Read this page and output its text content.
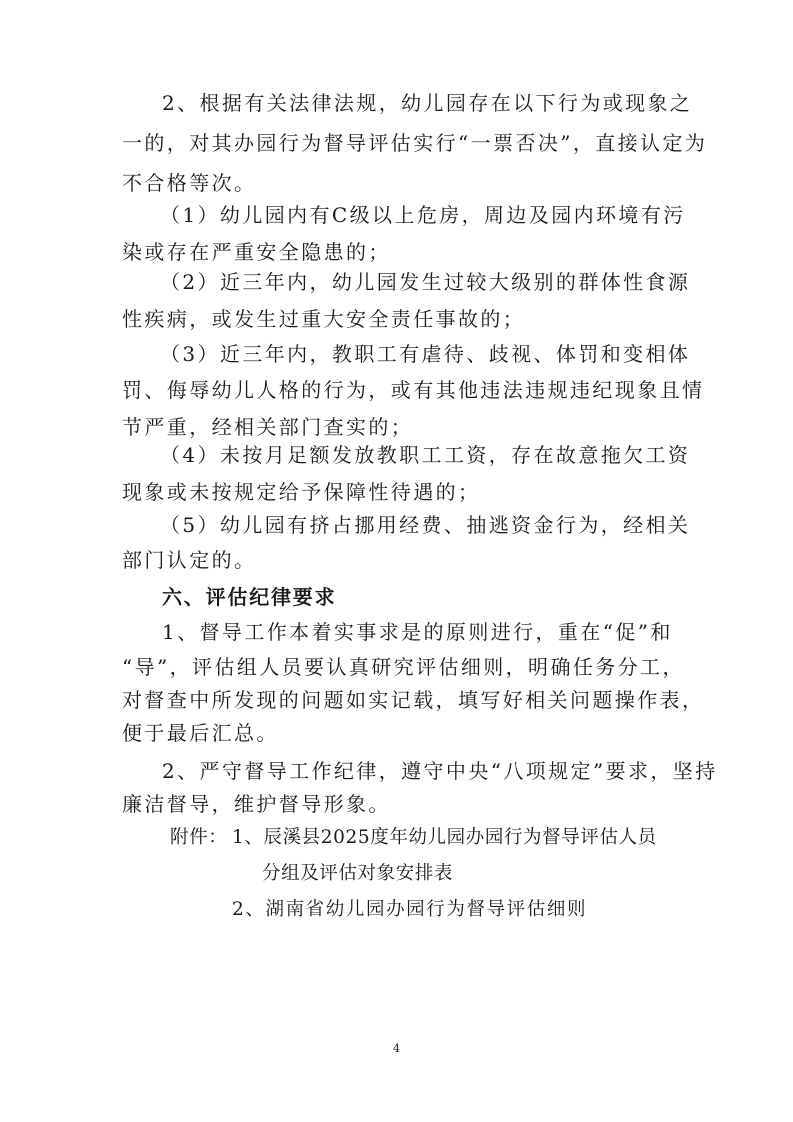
2、根据有关法律法规，幼儿园存在以下行为或现象之
一的，对其办园行为督导评估实行“一票否决”，直接认定为
不合格等次。
（1）幼儿园内有C级以上危房，周边及园内环境有污
染或存在严重安全隐患的；
（2）近三年内，幼儿园发生过较大级别的群体性食源
性疾病，或发生过重大安全责任事故的；
（3）近三年内，教职工有虐待、歧视、体罚和变相体
罚、侮辱幼儿人格的行为，或有其他违法违规违纪现象且情
节严重，经相关部门查实的；
（4）未按月足额发放教职工工资，存在故意拖欠工资
现象或未按规定给予保障性待遇的；
（5）幼儿园有挤占挪用经费、抽逃资金行为，经相关
部门认定的。
六、评估纪律要求
1、督导工作本着实事求是的原则进行，重在“促”和
“导”，评估组人员要认真研究评估细则，明确任务分工，
对督查中所发现的问题如实记载，填写好相关问题操作表，
便于最后汇总。
2、严守督导工作纪律，遵守中央“八项规定”要求，坚持
廉洁督导，维护督导形象。
附件： 1、辰溪县2025度年幼儿园办园行为督导评估人员
分组及评估对象安排表
2、湖南省幼儿园办园行为督导评估细则
4
